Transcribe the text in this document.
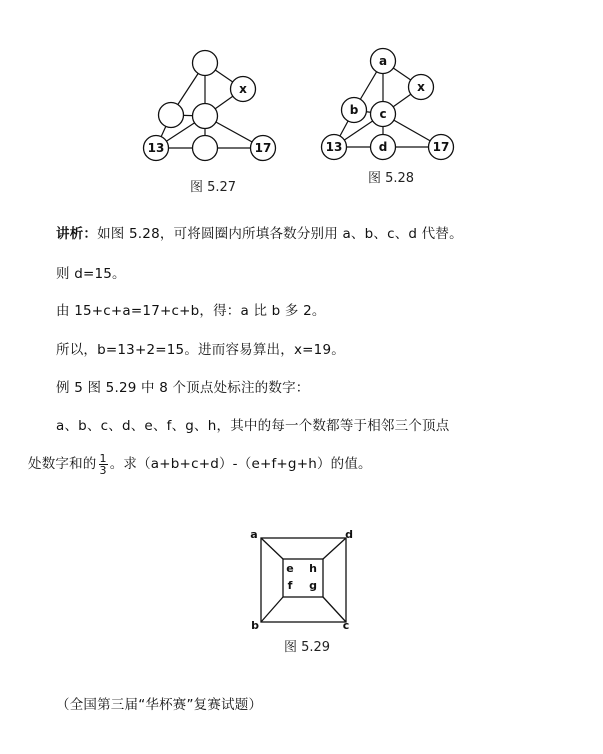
x
13	17
图 5.27
a
x
b c
d
13	17
图 5.28
讲析：如图 5.28，可将圆圈内所填各数分别用 a、b、c、d 代替。
则 d=15。
由 15+c+a=17+c+b，得：a 比 b 多 2。
所以，b=13+2=15。进而容易算出，x=19。
例 5 图 5.29 中 8 个顶点处标注的数字：
a、b、c、d、e、f、g、h，其中的每一个数都等于相邻三个顶点
处数字和的 $\frac{1}{3}$ 。求（a+b+c+d）-（e+f+g+h）的值。
a
b	c
d
e
f g
h
图 5.29
（全国第三届“华杯赛”复赛试题）
